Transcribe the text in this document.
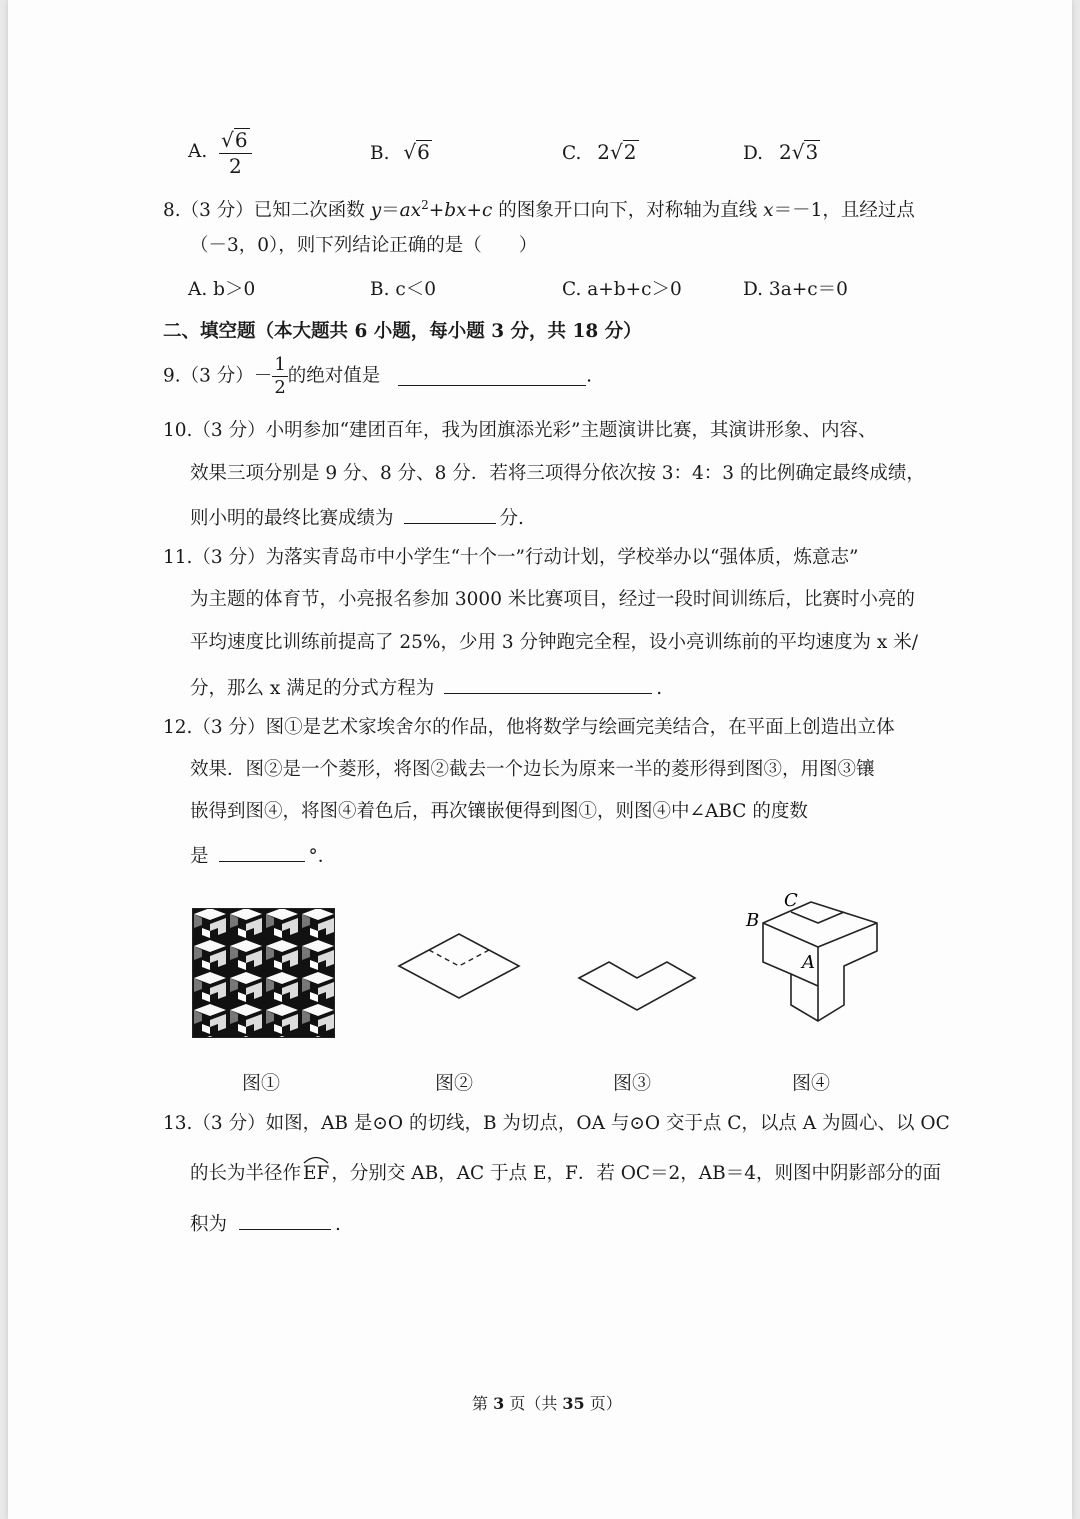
A. $\frac{√6}{2}$	B. √6	C. 2√2	D. 2√3
8.（3 分）已知二次函数 $y=ax^2+bx+c$ 的图象开口向下，对称轴为直线 x＝－1，且经过点
（－3，0），则下列结论正确的是（　　）
A. b＞0	B. c＜0	C. a+b+c＞0	D. 3a+c＝0
二、填空题（本大题共 6 小题，每小题 3 分，共 18 分）
9.（3 分）－ $\frac{1}{2}$ 的绝对值是	.
10.（3 分）小明参加“建团百年，我为团旗添光彩”主题演讲比赛，其演讲形象、内容、
效果三项分别是 9 分、8 分、8 分．若将三项得分依次按 3：4：3 的比例确定最终成绩，
则小明的最终比赛成绩为	分.
11.（3 分）为落实青岛市中小学生“十个一”行动计划，学校举办以“强体质，炼意志”
为主题的体育节，小亮报名参加 3000 米比赛项目，经过一段时间训练后，比赛时小亮的
平均速度比训练前提高了 25%，少用 3 分钟跑完全程，设小亮训练前的平均速度为 x 米/
分，那么 x 满足的分式方程为	.
12.（3 分）图①是艺术家埃舍尔的作品，他将数学与绘画完美结合，在平面上创造出立体
效果．图②是一个菱形，将图②截去一个边长为原来一半的菱形得到图③，用图③镶
嵌得到图④，将图④着色后，再次镶嵌便得到图①，则图④中∠ABC 的度数
是	°．
B
C
A
图①	图②	图③	图④
13.（3 分）如图，AB 是⊙O 的切线，B 为切点，OA 与⊙O 交于点 C，以点 A 为圆心、以 OC
的长为半径作 EF ，分别交 AB，AC 于点 E，F．若 OC＝2，AB＝4，则图中阴影部分的面
积为	.
第 3 页（共 35 页）
